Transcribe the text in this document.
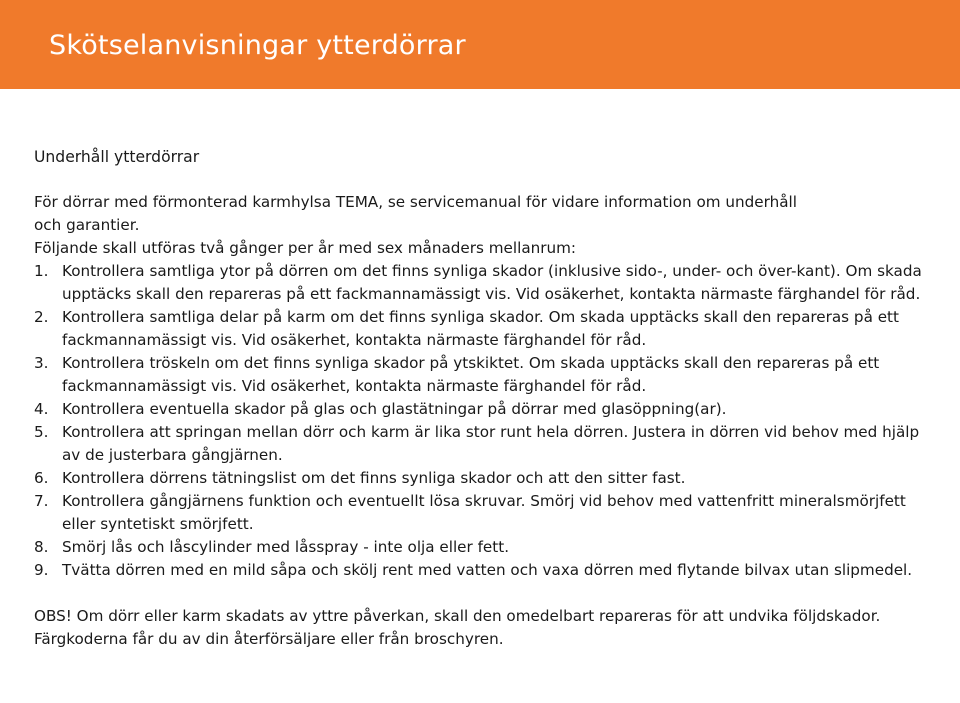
Skötselanvisningar ytterdörrar

Underhåll ytterdörrar

För dörrar med förmonterad karmhylsa TEMA, se servicemanual för vidare information om underhåll

och garantier.

Följande skall utföras två gånger per år med sex månaders mellanrum:

1. Kontrollera samtliga ytor på dörren om det finns synliga skador (inklusive sido-, under- och över-kant). Om skada upptäcks skall den repareras på ett fackmannamässigt vis. Vid osäkerhet, kontakta närmaste färghandel för råd.
2. Kontrollera samtliga delar på karm om det finns synliga skador. Om skada upptäcks skall den repareras på ett fackmannamässigt vis. Vid osäkerhet, kontakta närmaste färghandel för råd.
3. Kontrollera tröskeln om det finns synliga skador på ytskiktet. Om skada upptäcks skall den repareras på ett fackmannamässigt vis. Vid osäkerhet, kontakta närmaste färghandel för råd.
4. Kontrollera eventuella skador på glas och glastätningar på dörrar med glasöppning(ar).
5. Kontrollera att springan mellan dörr och karm är lika stor runt hela dörren. Justera in dörren vid behov med hjälp av de justerbara gångjärnen.
6. Kontrollera dörrens tätningslist om det finns synliga skador och att den sitter fast.
7. Kontrollera gångjärnens funktion och eventuellt lösa skruvar. Smörj vid behov med vattenfritt mineralsmörjfett eller syntetiskt smörjfett.
8. Smörj lås och låscylinder med låsspray - inte olja eller fett.
9. Tvätta dörren med en mild såpa och skölj rent med vatten och vaxa dörren med flytande bilvax utan slipmedel.

OBS! Om dörr eller karm skadats av yttre påverkan, skall den omedelbart repareras för att undvika följdskador. Färgkoderna får du av din återförsäljare eller från broschyren.
